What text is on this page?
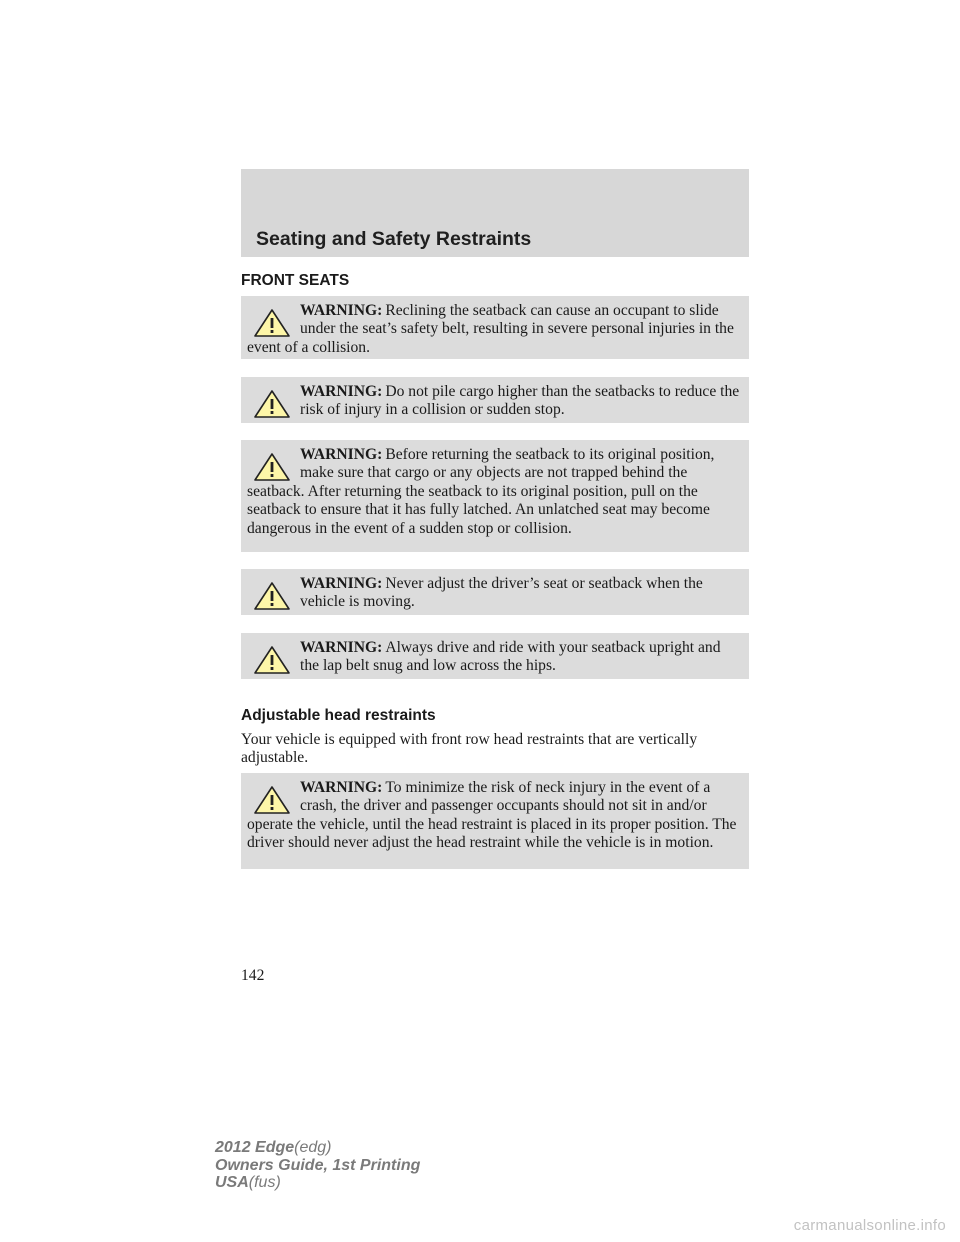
Seating and Safety Restraints
FRONT SEATS
WARNING: Reclining the seatback can cause an occupant to slide under the seat’s safety belt, resulting in severe personal injuries in the event of a collision.
WARNING: Do not pile cargo higher than the seatbacks to reduce the risk of injury in a collision or sudden stop.
WARNING: Before returning the seatback to its original position, make sure that cargo or any objects are not trapped behind the seatback. After returning the seatback to its original position, pull on the seatback to ensure that it has fully latched. An unlatched seat may become dangerous in the event of a sudden stop or collision.
WARNING: Never adjust the driver’s seat or seatback when the vehicle is moving.
WARNING: Always drive and ride with your seatback upright and the lap belt snug and low across the hips.
Adjustable head restraints
Your vehicle is equipped with front row head restraints that are vertically adjustable.
WARNING: To minimize the risk of neck injury in the event of a crash, the driver and passenger occupants should not sit in and/or operate the vehicle, until the head restraint is placed in its proper position. The driver should never adjust the head restraint while the vehicle is in motion.
142
2012 Edge(edg)
Owners Guide, 1st Printing
USA(fus)
carmanualsonline.info
